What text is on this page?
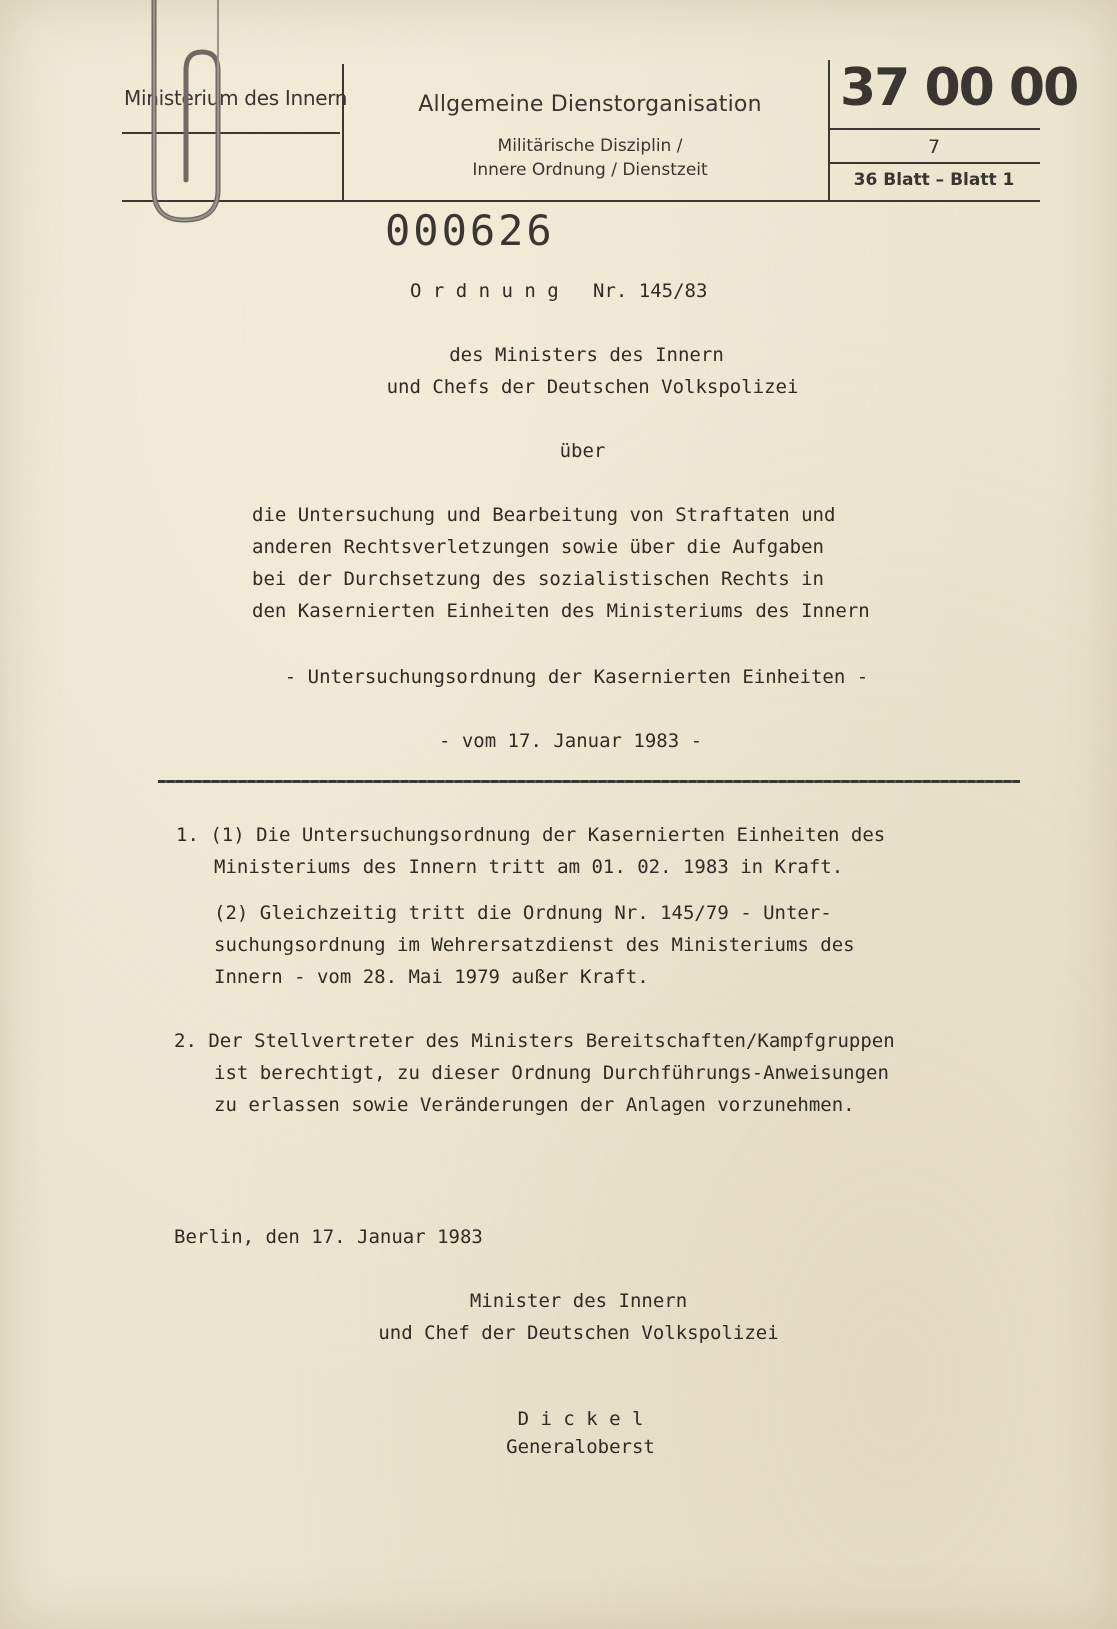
Ministerium des Innern	Allgemeine Dienstorganisation
Militärische Disziplin /
Innere Ordnung / Dienstzeit
37 00 00
7
36 Blatt – Blatt 1
000626
O r d n u n g   Nr. 145/83
des Ministers des Innern
und Chefs der Deutschen Volkspolizei
über
die Untersuchung und Bearbeitung von Straftaten und
anderen Rechtsverletzungen sowie über die Aufgaben
bei der Durchsetzung des sozialistischen Rechts in
den Kasernierten Einheiten des Ministeriums des Innern
- Untersuchungsordnung der Kasernierten Einheiten -
- vom 17. Januar 1983 -
1. (1) Die Untersuchungsordnung der Kasernierten Einheiten des
Ministeriums des Innern tritt am 01. 02. 1983 in Kraft.
(2) Gleichzeitig tritt die Ordnung Nr. 145/79 - Unter-
suchungsordnung im Wehrersatzdienst des Ministeriums des
Innern - vom 28. Mai 1979 außer Kraft.
2. Der Stellvertreter des Ministers Bereitschaften/Kampfgruppen
ist berechtigt, zu dieser Ordnung Durchführungs-Anweisungen
zu erlassen sowie Veränderungen der Anlagen vorzunehmen.
Berlin, den 17. Januar 1983
Minister des Innern
und Chef der Deutschen Volkspolizei
D i c k e l
Generaloberst
